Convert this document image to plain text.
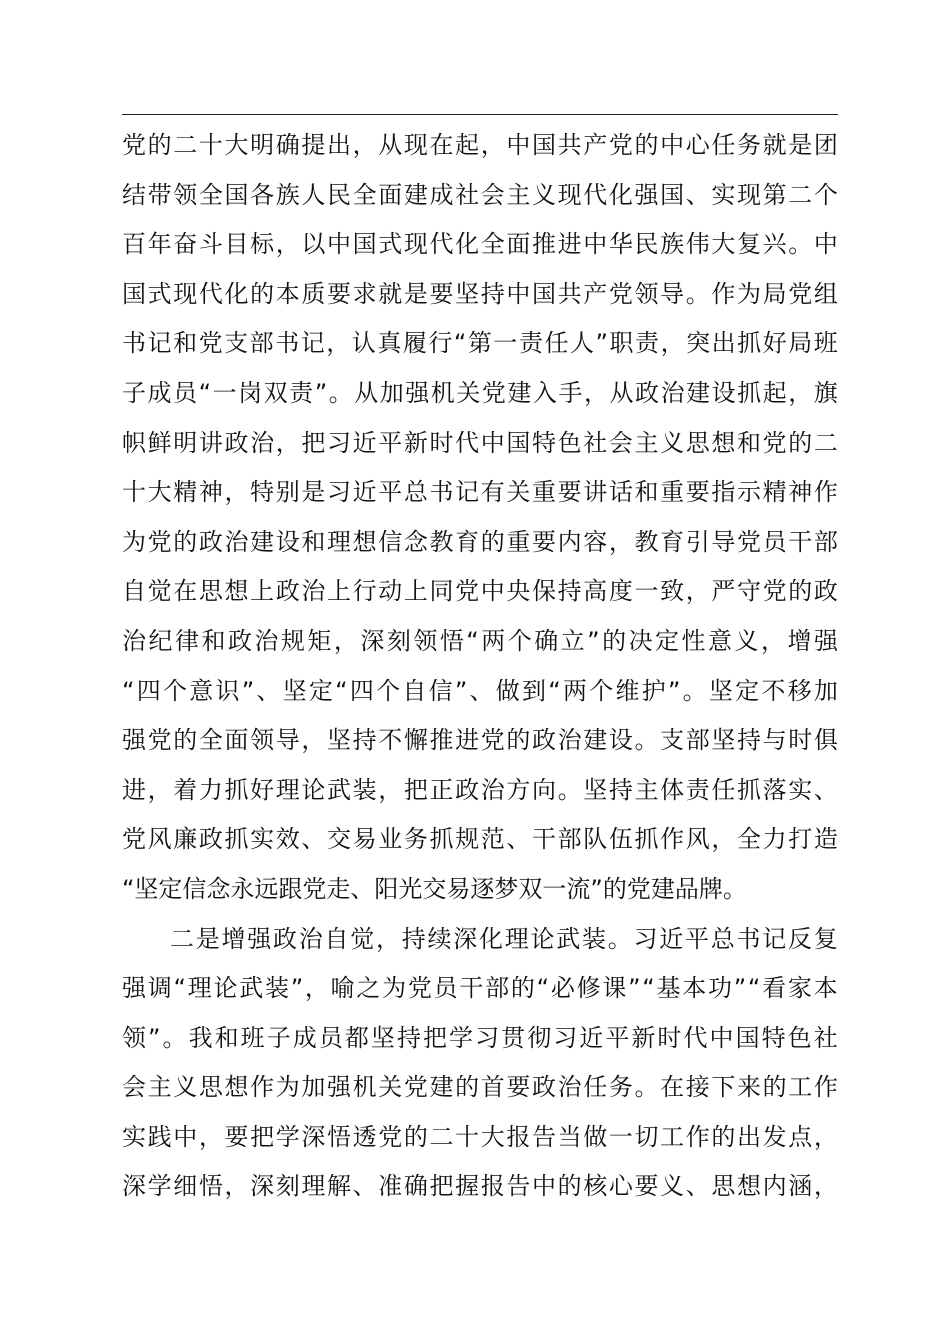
党 的 二 十 大 明 确 提 出 ， 从 现 在 起 ， 中 国 共 产 党 的 中 心 任 务 就 是 团
结 带 领 全 国 各 族 人 民 全 面 建 成 社 会 主 义 现 代 化 强 国 、 实 现 第 二 个
百 年 奋 斗 目 标 ， 以 中 国 式 现 代 化 全 面 推 进 中 华 民 族 伟 大 复 兴 。 中
国 式 现 代 化 的 本 质 要 求 就 是 要 坚 持 中 国 共 产 党 领 导 。 作 为 局 党 组
书 记 和 党 支 部 书 记 ， 认 真 履 行 “ 第 一 责 任 人 ” 职 责 ， 突 出 抓 好 局 班
子 成 员 “ 一 岗 双 责 ” 。 从 加 强 机 关 党 建 入 手 ， 从 政 治 建 设 抓 起 ， 旗
帜 鲜 明 讲 政 治 ， 把 习 近 平 新 时 代 中 国 特 色 社 会 主 义 思 想 和 党 的 二
十 大 精 神 ， 特 别 是 习 近 平 总 书 记 有 关 重 要 讲 话 和 重 要 指 示 精 神 作
为 党 的 政 治 建 设 和 理 想 信 念 教 育 的 重 要 内 容 ， 教 育 引 导 党 员 干 部
自 觉 在 思 想 上 政 治 上 行 动 上 同 党 中 央 保 持 高 度 一 致 ， 严 守 党 的 政
治 纪 律 和 政 治 规 矩 ， 深 刻 领 悟 “ 两 个 确 立 ” 的 决 定 性 意 义 ， 增 强
“ 四 个 意 识 ” 、 坚 定 “ 四 个 自 信 ” 、 做 到 “ 两 个 维 护 ” 。 坚 定 不 移 加
强 党 的 全 面 领 导 ， 坚 持 不 懈 推 进 党 的 政 治 建 设 。 支 部 坚 持 与 时 俱
进 ， 着 力 抓 好 理 论 武 装 ， 把 正 政 治 方 向 。 坚 持 主 体 责 任 抓 落 实 、
党 风 廉 政 抓 实 效 、 交 易 业 务 抓 规 范 、 干 部 队 伍 抓 作 风 ， 全 力 打 造
“坚定信念永远跟党走、阳光交易逐梦双一流”的党建品牌。
二 是 增 强 政 治 自 觉 ， 持 续 深 化 理 论 武 装 。 习 近 平 总 书 记 反 复
强 调 “ 理 论 武 装 ” ， 喻 之 为 党 员 干 部 的 “ 必 修 课 ” “ 基 本 功 ” “ 看 家 本
领 ” 。 我 和 班 子 成 员 都 坚 持 把 学 习 贯 彻 习 近 平 新 时 代 中 国 特 色 社
会 主 义 思 想 作 为 加 强 机 关 党 建 的 首 要 政 治 任 务 。 在 接 下 来 的 工 作
实 践 中 ， 要 把 学 深 悟 透 党 的 二 十 大 报 告 当 做 一 切 工 作 的 出 发 点 ，
深 学 细 悟 ， 深 刻 理 解 、 准 确 把 握 报 告 中 的 核 心 要 义 、 思 想 内 涵 ，
